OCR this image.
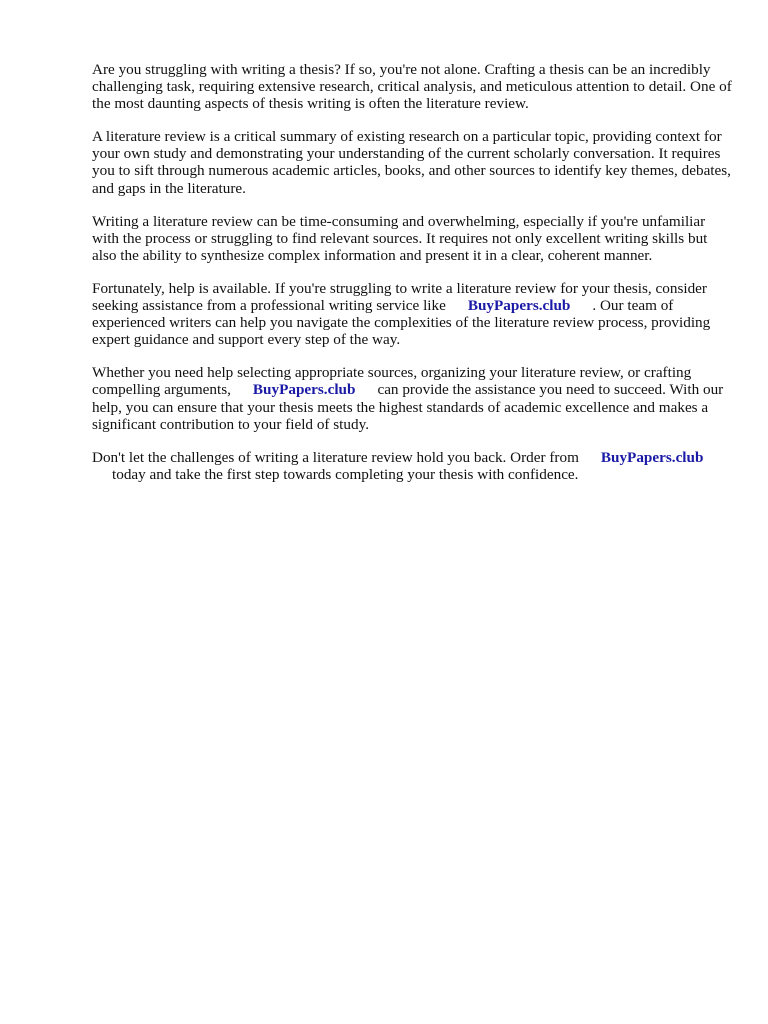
Are you struggling with writing a thesis? If so, you're not alone. Crafting a thesis can be an incredibly challenging task, requiring extensive research, critical analysis, and meticulous attention to detail. One of the most daunting aspects of thesis writing is often the literature review.

A literature review is a critical summary of existing research on a particular topic, providing context for your own study and demonstrating your understanding of the current scholarly conversation. It requires you to sift through numerous academic articles, books, and other sources to identify key themes, debates, and gaps in the literature.

Writing a literature review can be time-consuming and overwhelming, especially if you're unfamiliar with the process or struggling to find relevant sources. It requires not only excellent writing skills but also the ability to synthesize complex information and present it in a clear, coherent manner.

Fortunately, help is available. If you're struggling to write a literature review for your thesis, consider seeking assistance from a professional writing service like BuyPapers.club . Our team of experienced writers can help you navigate the complexities of the literature review process, providing expert guidance and support every step of the way.

Whether you need help selecting appropriate sources, organizing your literature review, or crafting compelling arguments, BuyPapers.club can provide the assistance you need to succeed. With our help, you can ensure that your thesis meets the highest standards of academic excellence and makes a significant contribution to your field of study.

Don't let the challenges of writing a literature review hold you back. Order from BuyPapers.club
today and take the first step towards completing your thesis with confidence.
